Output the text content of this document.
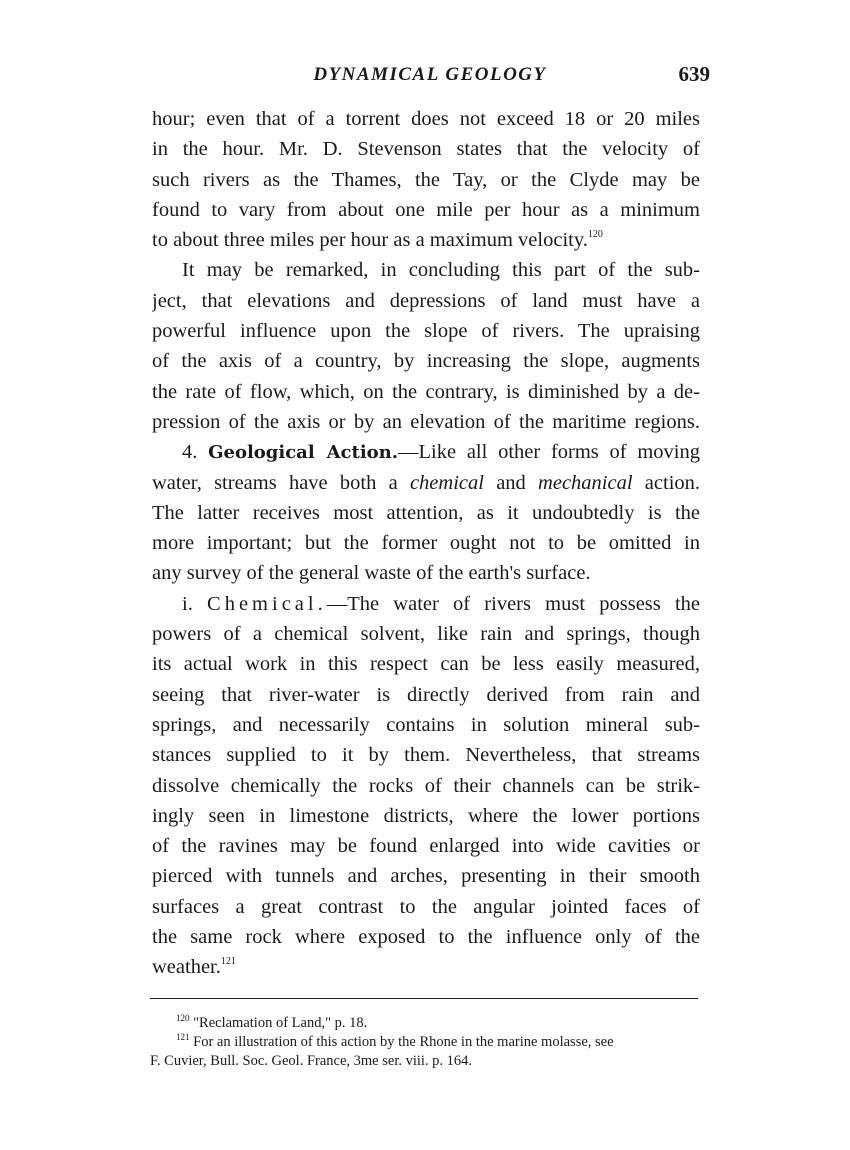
DYNAMICAL GEOLOGY	639
hour; even that of a torrent does not exceed 18 or 20 miles
in the hour. Mr. D. Stevenson states that the velocity of
such rivers as the Thames, the Tay, or the Clyde may be
found to vary from about one mile per hour as a minimum
to about three miles per hour as a maximum velocity.$^{120}$
It may be remarked, in concluding this part of the sub-
ject, that elevations and depressions of land must have a
powerful influence upon the slope of rivers. The upraising
of the axis of a country, by increasing the slope, augments
the rate of flow, which, on the contrary, is diminished by a de-
pression of the axis or by an elevation of the maritime regions.
4. Geological Action.—Like all other forms of moving
water, streams have both a chemical and mechanical action.
The latter receives most attention, as it undoubtedly is the
more important; but the former ought not to be omitted in
any survey of the general waste of the earth's surface.
i. Chemical.—The water of rivers must possess the
powers of a chemical solvent, like rain and springs, though
its actual work in this respect can be less easily measured,
seeing that river-water is directly derived from rain and
springs, and necessarily contains in solution mineral sub-
stances supplied to it by them. Nevertheless, that streams
dissolve chemically the rocks of their channels can be strik-
ingly seen in limestone districts, where the lower portions
of the ravines may be found enlarged into wide cavities or
pierced with tunnels and arches, presenting in their smooth
surfaces a great contrast to the angular jointed faces of
the same rock where exposed to the influence only of the
weather.$^{121}$
$^{120}$ "Reclamation of Land," p. 18.
$^{121}$ For an illustration of this action by the Rhone in the marine molasse, see
F. Cuvier, Bull. Soc. Geol. France, 3me ser. viii. p. 164.
